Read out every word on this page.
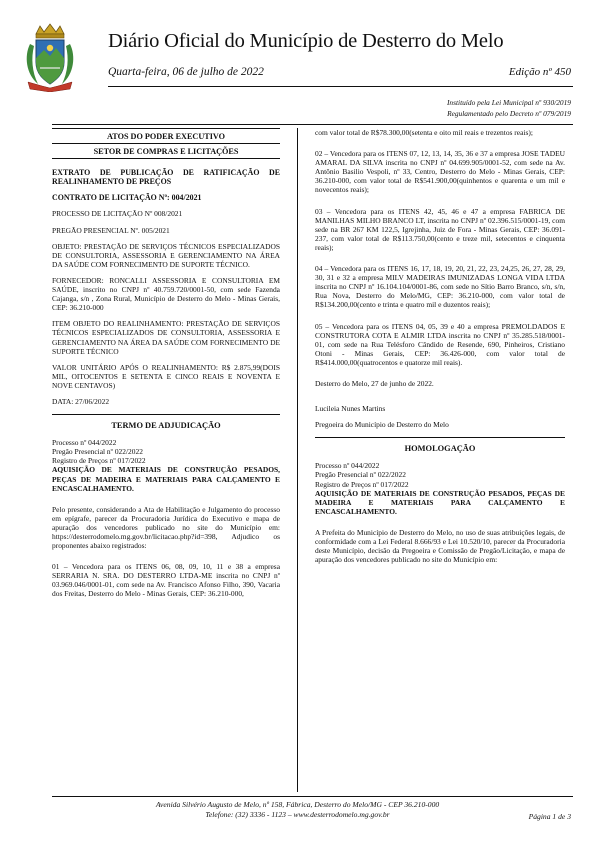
Diário Oficial do Município de Desterro do Melo
Quarta-feira, 06 de julho de 2022	Edição nº 450
Instituído pela Lei Municipal nº 930/2019
Regulamentado pelo Decreto nº 079/2019
ATOS DO PODER EXECUTIVO
SETOR DE COMPRAS E LICITAÇÕES

EXTRATO DE PUBLICAÇÃO DE RATIFICAÇÃO DE REALINHAMENTO DE PREÇOS

CONTRATO DE LICITAÇÃO Nº: 004/2021

PROCESSO DE LICITAÇÃO Nº 008/2021

PREGÃO PRESENCIAL Nº. 005/2021

OBJETO: PRESTAÇÃO DE SERVIÇOS TÉCNICOS ESPECIALIZADOS DE CONSULTORIA, ASSESSORIA E GERENCIAMENTO NA ÁREA DA SAÚDE COM FORNECIMENTO DE SUPORTE TÉCNICO.

FORNECEDOR: RONCALLI ASSESSORIA E CONSULTORIA EM SAÚDE, inscrito no CNPJ nº 40.759.720/0001-50, com sede Fazenda Cajanga, s/n , Zona Rural, Município de Desterro do Melo - Minas Gerais, CEP: 36.210-000

ITEM OBJETO DO REALINHAMENTO: PRESTAÇÃO DE SERVIÇOS TÉCNICOS ESPECIALIZADOS DE CONSULTORIA, ASSESSORIA E GERENCIAMENTO NA ÁREA DA SAÚDE COM FORNECIMENTO DE SUPORTE TÉCNICO

VALOR UNITÁRIO APÓS O REALINHAMENTO: R$ 2.875,99(DOIS MIL, OITOCENTOS E SETENTA E CINCO REAIS E NOVENTA E NOVE CENTAVOS)

DATA: 27/06/2022

TERMO DE ADJUDICAÇÃO

Processo nº 044/2022

Pregão Presencial nº 022/2022

Registro de Preços nº 017/2022

AQUISIÇÃO DE MATERIAIS DE CONSTRUÇÃO PESADOS, PEÇAS DE MADEIRA E MATERIAIS PARA CALÇAMENTO E ENCASCALHAMENTO.

Pelo presente, considerando a Ata de Habilitação e Julgamento do processo em epígrafe, parecer da Procuradoria Jurídica do Executivo e mapa de apuração dos vencedores publicado no site do Município em: https://desterrodomelo.mg.gov.br/licitacao.php?id=398, Adjudico os proponentes abaixo registrados:

01 – Vencedora para os ITENS 06, 08, 09, 10, 11 e 38 a empresa SERRARIA N. SRA. DO DESTERRO LTDA-ME inscrita no CNPJ nº 03.969.046/0001-01, com sede na Av. Francisco Afonso Filho, 390, Vacaria dos Freitas, Desterro do Melo - Minas Gerais, CEP: 36.210-000,

com valor total de R$78.300,00(setenta e oito mil reais e trezentos reais);

02 – Vencedora para os ITENS 07, 12, 13, 14, 35, 36 e 37 a empresa JOSE TADEU AMARAL DA SILVA inscrita no CNPJ nº 04.699.905/0001-52, com sede na Av. Antônio Basilio Vespoli, nº 33, Centro, Desterro do Melo - Minas Gerais, CEP: 36.210-000, com valor total de R$541.900,00(quinhentos e quarenta e um mil e novecentos reais);

03 – Vencedora para os ITENS 42, 45, 46 e 47 a empresa FABRICA DE MANILHAS MILHO BRANCO LT, inscrita no CNPJ nº 02.396.515/0001-19, com sede na BR 267 KM 122,5, Igrejinha, Juiz de Fora - Minas Gerais, CEP: 36.091-237, com valor total de R$113.750,00(cento e treze mil, setecentos e cinquenta reais);

04 – Vencedora para os ITENS 16, 17, 18, 19, 20, 21, 22, 23, 24,25, 26, 27, 28, 29, 30, 31 e 32 a empresa MILV MADEIRAS IMUNIZADAS LONGA VIDA LTDA inscrita no CNPJ nº 16.104.104/0001-86, com sede no Sítio Barro Branco, s/n, s/n, Rua Nova, Desterro do Melo/MG, CEP: 36.210-000, com valor total de R$134.200,00(cento e trinta e quatro mil e duzentos reais);

05 – Vencedora para os ITENS 04, 05, 39 e 40 a empresa PREMOLDADOS E CONSTRUTORA COTA E ALMIR LTDA inscrita no CNPJ nº 35.285.518/0001-01, com sede na Rua Telésforo Cândido de Resende, 690, Pinheiros, Cristiano Otoni - Minas Gerais, CEP: 36.426-000, com valor total de R$414.000,00(quatrocentos e quatorze mil reais).

Desterro do Melo, 27 de junho de 2022.

Lucileia Nunes Martins

Pregoeira do Município de Desterro do Melo

HOMOLOGAÇÃO

Processo nº 044/2022

Pregão Presencial nº 022/2022

Registro de Preços nº 017/2022

AQUISIÇÃO DE MATERIAIS DE CONSTRUÇÃO PESADOS, PEÇAS DE MADEIRA E MATERIAIS PARA CALÇAMENTO E ENCASCALHAMENTO.

A Prefeita do Município de Desterro do Melo, no uso de suas atribuições legais, de conformidade com a Lei Federal 8.666/93 e Lei 10.520/10, parecer da Procuradoria deste Município, decisão da Pregoeira e Comissão de Pregão/Licitação, e mapa de apuração dos vencedores publicado no site do Município em:

Avenida Silvério Augusto de Melo, nº 158, Fábrica, Desterro do Melo/MG - CEP 36.210-000
Telefone: (32) 3336 - 1123 – www.desterrodomelo.mg.gov.br	Página 1 de 3
